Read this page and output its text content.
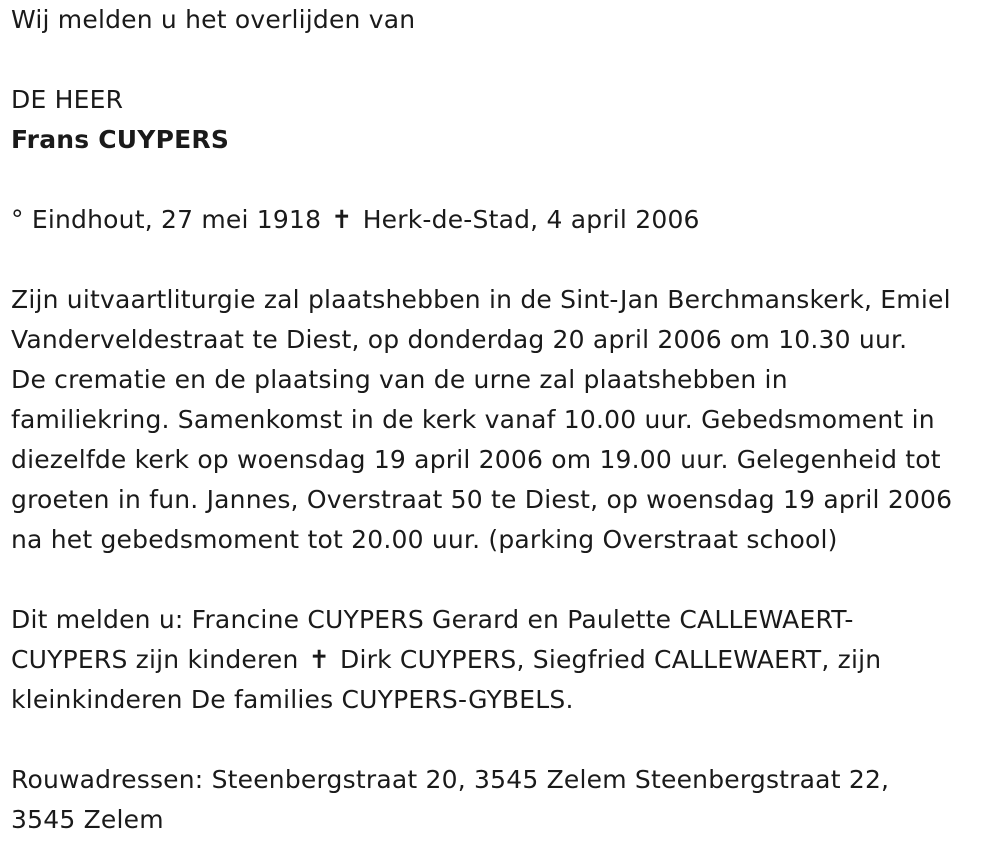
Wij melden u het overlijden van

DE HEER

Frans CUYPERS

° Eindhout, 27 mei 1918 ✝ Herk-de-Stad, 4 april 2006

Zijn uitvaartliturgie zal plaatshebben in de Sint-Jan Berchmanskerk, Emiel

Vanderveldestraat te Diest, op donderdag 20 april 2006 om 10.30 uur.

De crematie en de plaatsing van de urne zal plaatshebben in

familiekring. Samenkomst in de kerk vanaf 10.00 uur. Gebedsmoment in

diezelfde kerk op woensdag 19 april 2006 om 19.00 uur. Gelegenheid tot

groeten in fun. Jannes, Overstraat 50 te Diest, op woensdag 19 april 2006

na het gebedsmoment tot 20.00 uur. (parking Overstraat school)

Dit melden u: Francine CUYPERS Gerard en Paulette CALLEWAERT-

CUYPERS zijn kinderen ✝ Dirk CUYPERS, Siegfried CALLEWAERT, zijn

kleinkinderen De families CUYPERS-GYBELS.

Rouwadressen: Steenbergstraat 20, 3545 Zelem Steenbergstraat 22,

3545 Zelem
